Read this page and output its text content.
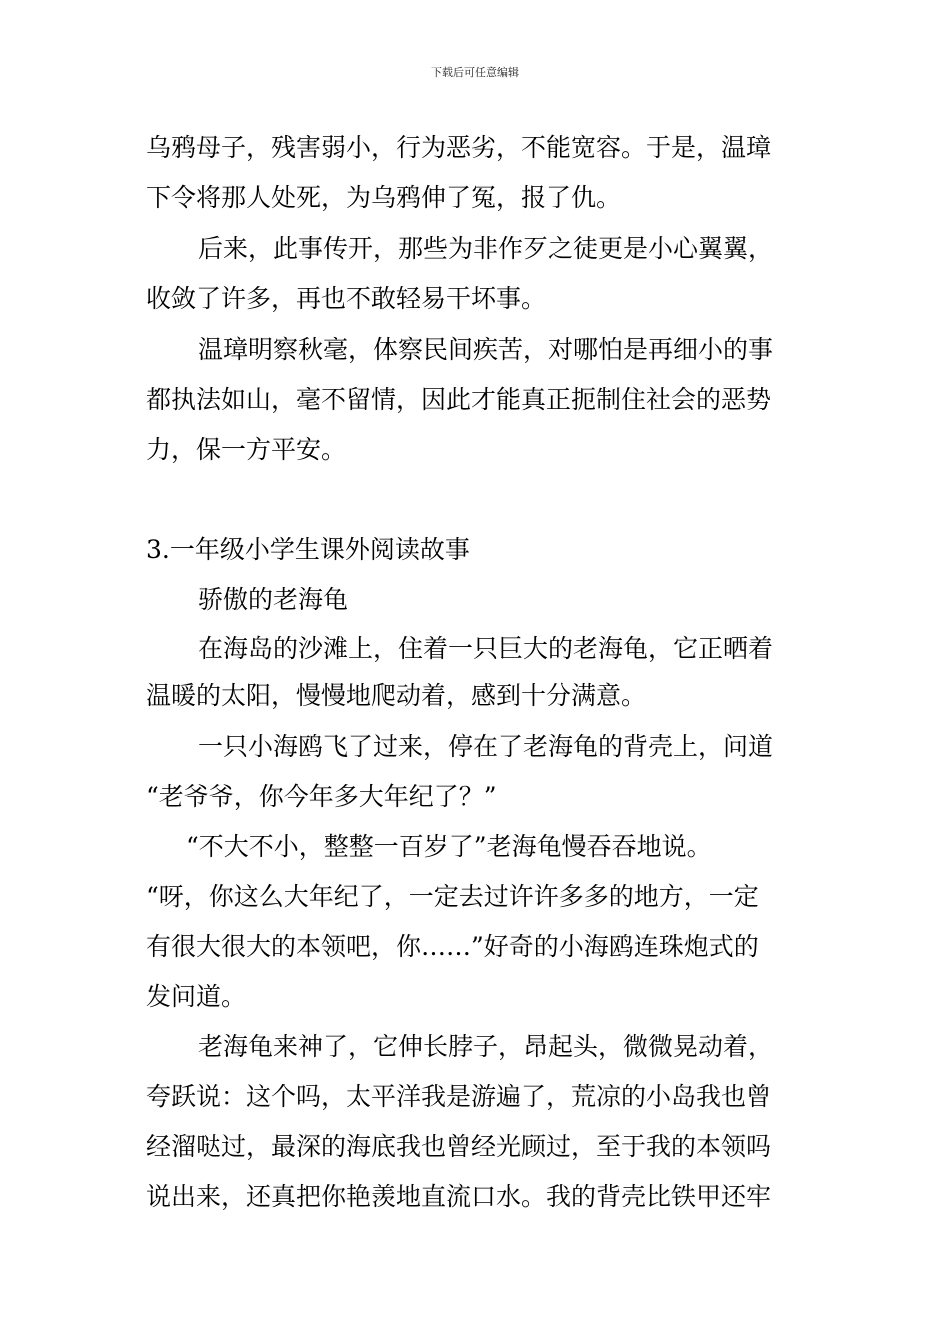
下载后可任意编辑
乌鸦母子，残害弱小，行为恶劣，不能宽容。于是，温璋
下令将那人处死，为乌鸦伸了冤，报了仇。
后来，此事传开，那些为非作歹之徒更是小心翼翼，
收敛了许多，再也不敢轻易干坏事。
温璋明察秋毫，体察民间疾苦，对哪怕是再细小的事
都执法如山，毫不留情，因此才能真正扼制住社会的恶势
力，保一方平安。
3.一年级小学生课外阅读故事
骄傲的老海龟
在海岛的沙滩上，住着一只巨大的老海龟，它正晒着
温暖的太阳，慢慢地爬动着，感到十分满意。
一只小海鸥飞了过来，停在了老海龟的背壳上，问道
“老爷爷，你今年多大年纪了？”
“不大不小，整整一百岁了”老海龟慢吞吞地说。
“呀，你这么大年纪了，一定去过许许多多的地方，一定
有很大很大的本领吧，你……”好奇的小海鸥连珠炮式的
发问道。
老海龟来神了，它伸长脖子，昂起头，微微晃动着，
夸跃说：这个吗，太平洋我是游遍了，荒凉的小岛我也曾
经溜哒过，最深的海底我也曾经光顾过，至于我的本领吗
说出来，还真把你艳羡地直流口水。我的背壳比铁甲还牢
